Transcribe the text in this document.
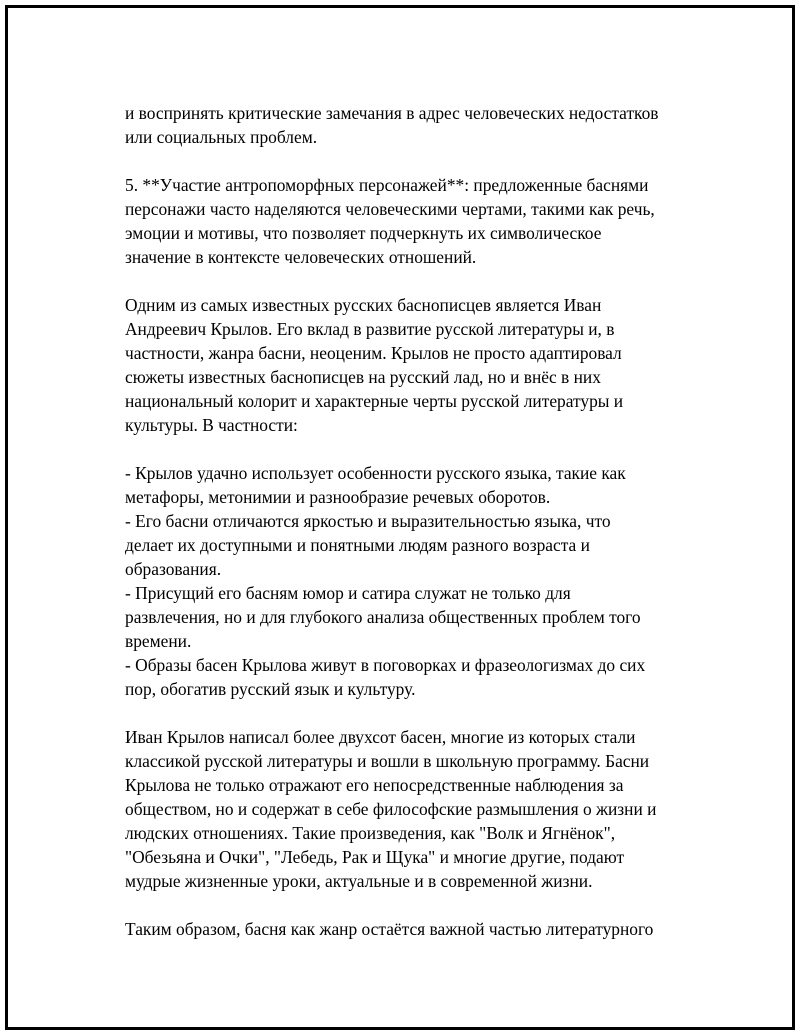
и воспринять критические замечания в адрес человеческих недостатков
или социальных проблем.

5. **Участие антропоморфных персонажей**: предложенные баснями
персонажи часто наделяются человеческими чертами, такими как речь,
эмоции и мотивы, что позволяет подчеркнуть их символическое
значение в контексте человеческих отношений.

Одним из самых известных русских баснописцев является Иван
Андреевич Крылов. Его вклад в развитие русской литературы и, в
частности, жанра басни, неоценим. Крылов не просто адаптировал
сюжеты известных баснописцев на русский лад, но и внёс в них
национальный колорит и характерные черты русской литературы и
культуры. В частности:

- Крылов удачно использует особенности русского языка, такие как
метафоры, метонимии и разнообразие речевых оборотов.
- Его басни отличаются яркостью и выразительностью языка, что
делает их доступными и понятными людям разного возраста и
образования.
- Присущий его басням юмор и сатира служат не только для
развлечения, но и для глубокого анализа общественных проблем того
времени.
- Образы басен Крылова живут в поговорках и фразеологизмах до сих
пор, обогатив русский язык и культуру.

Иван Крылов написал более двухсот басен, многие из которых стали
классикой русской литературы и вошли в школьную программу. Басни
Крылова не только отражают его непосредственные наблюдения за
обществом, но и содержат в себе философские размышления о жизни и
людских отношениях. Такие произведения, как "Волк и Ягнёнок",
"Обезьяна и Очки", "Лебедь, Рак и Щука" и многие другие, подают
мудрые жизненные уроки, актуальные и в современной жизни.

Таким образом, басня как жанр остаётся важной частью литературного
